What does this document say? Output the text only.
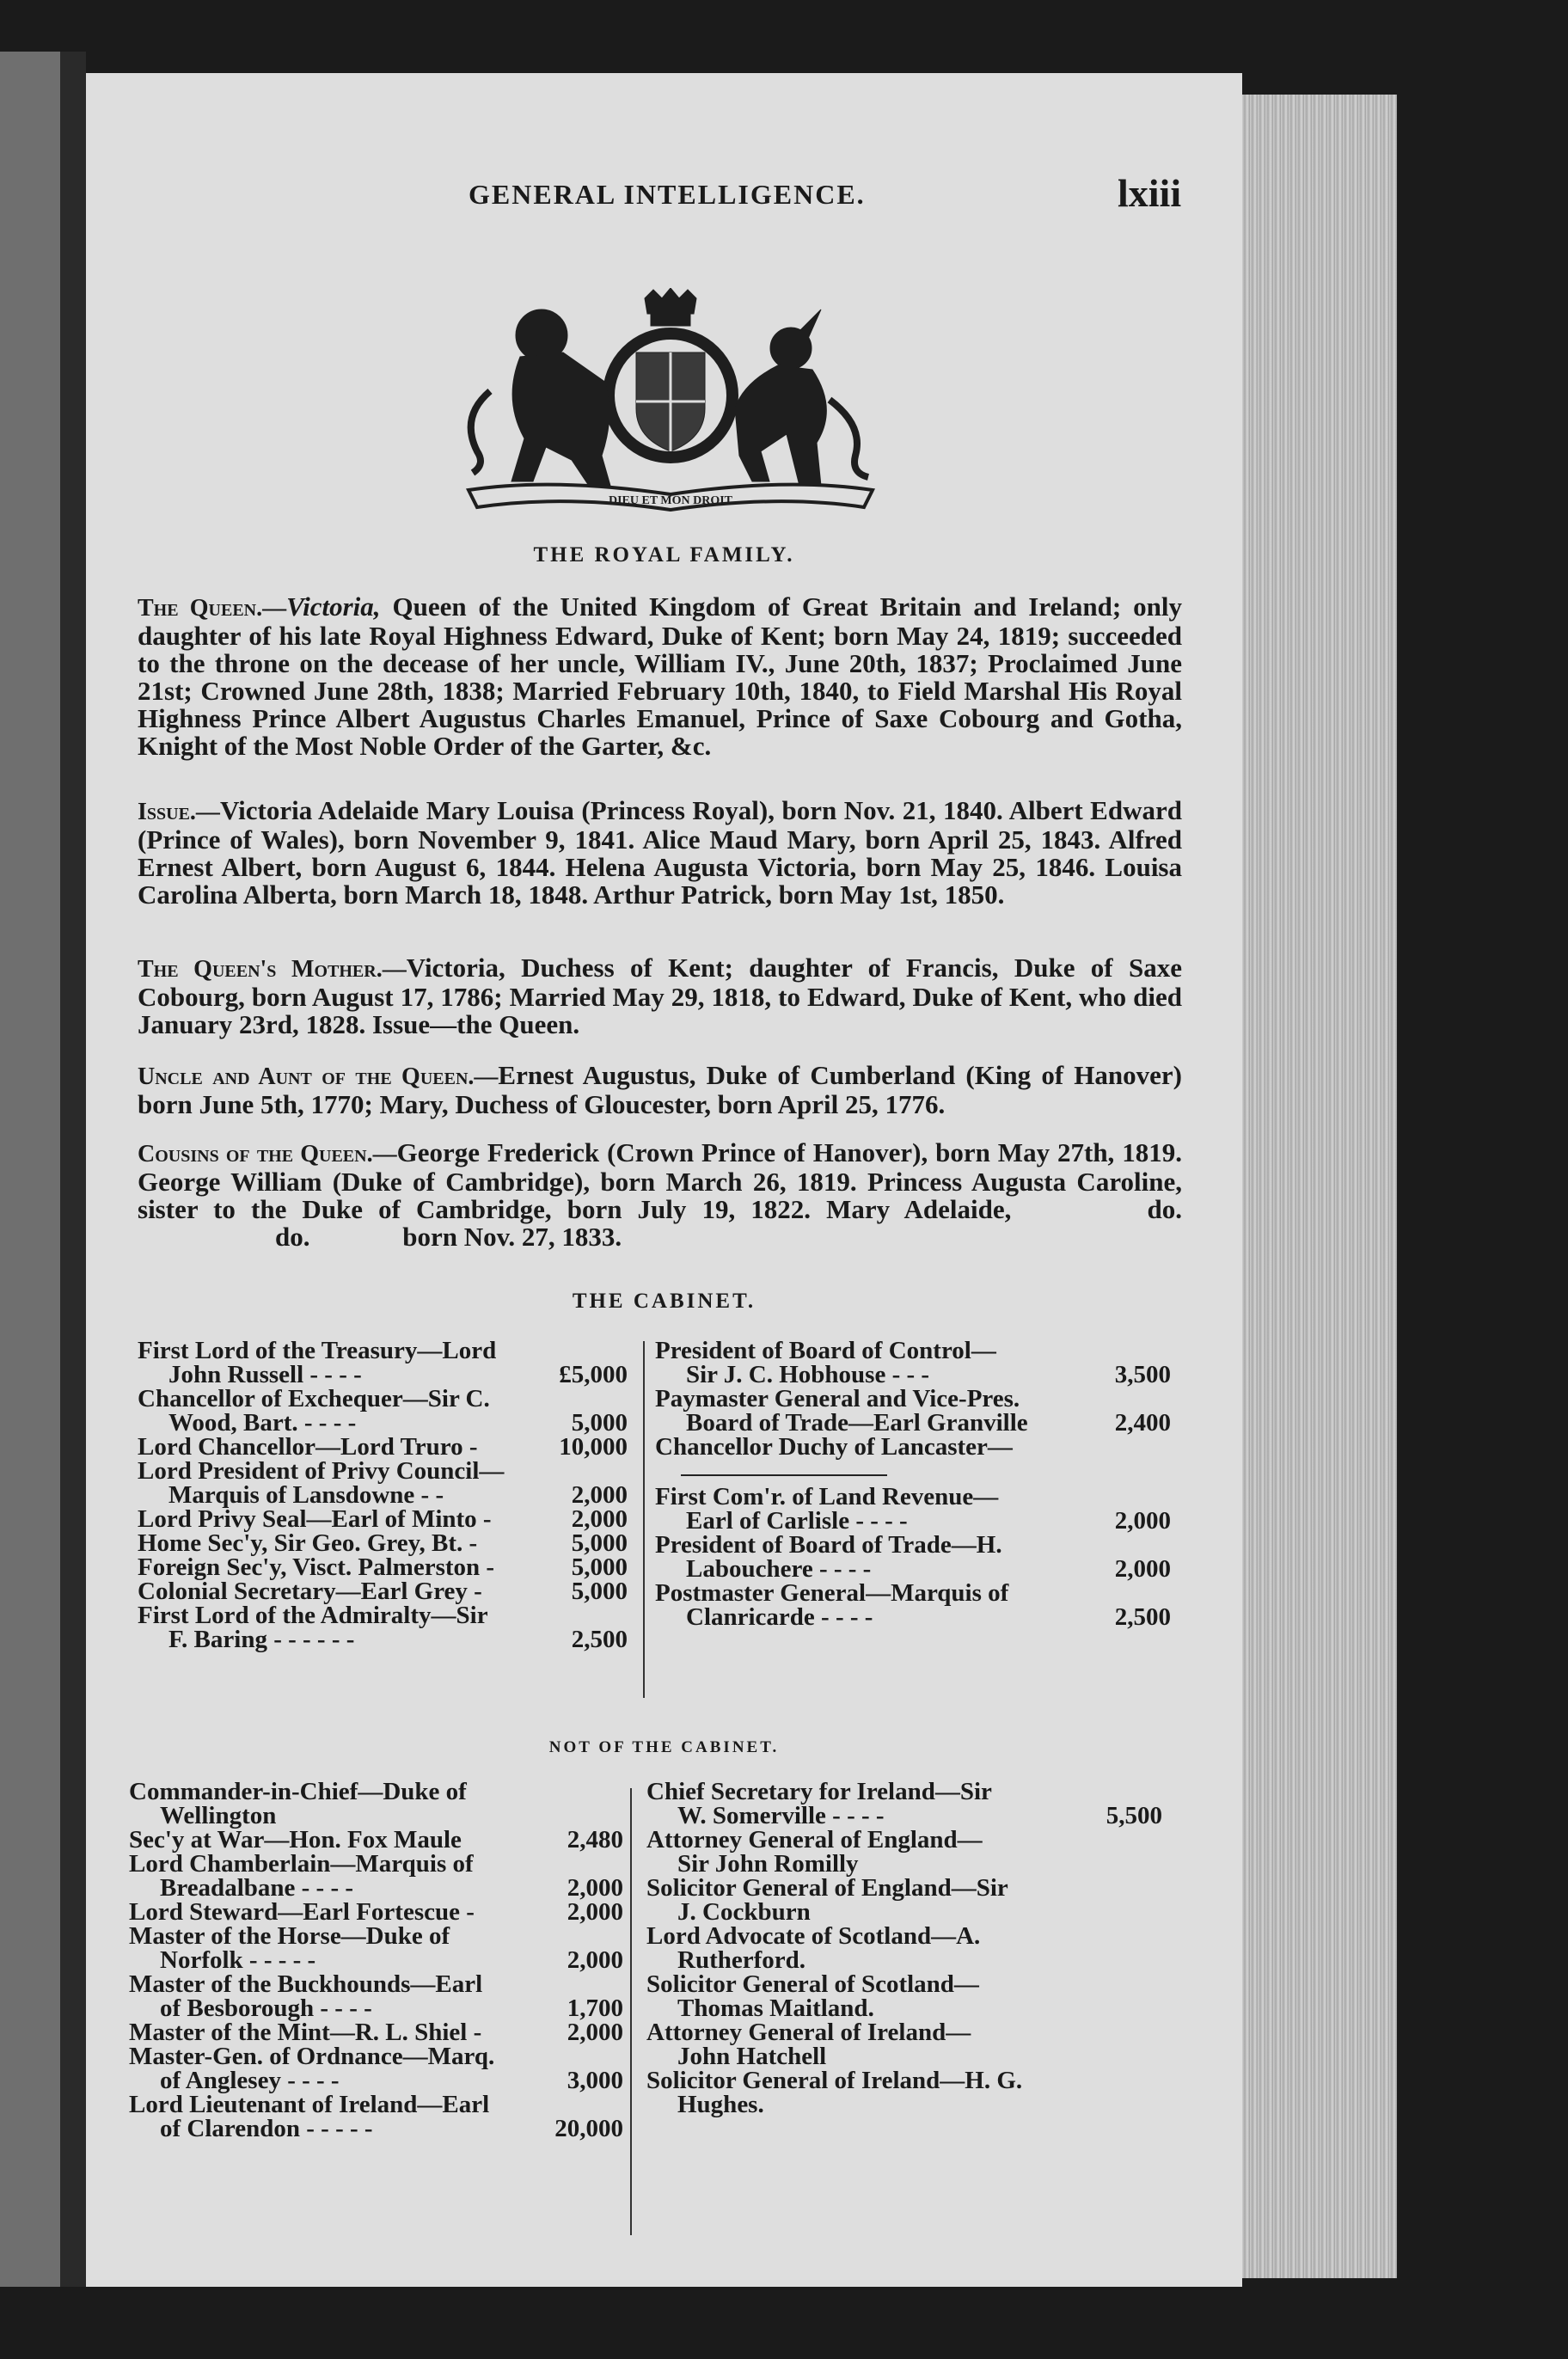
GENERAL INTELLIGENCE.	lxiii
DIEU ET MON DROIT
THE ROYAL FAMILY.
The Queen.—Victoria, Queen of the United Kingdom of Great Britain and Ireland; only daughter of his late Royal Highness Edward, Duke of Kent; born May 24, 1819; succeeded to the throne on the decease of her uncle, William IV., June 20th, 1837; Proclaimed June 21st; Crowned June 28th, 1838; Married February 10th, 1840, to Field Marshal His Royal Highness Prince Albert Augustus Charles Emanuel, Prince of Saxe Cobourg and Gotha, Knight of the Most Noble Order of the Garter, &c.
Issue.—Victoria Adelaide Mary Louisa (Princess Royal), born Nov. 21, 1840. Albert Edward (Prince of Wales), born November 9, 1841. Alice Maud Mary, born April 25, 1843. Alfred Ernest Albert, born August 6, 1844. Helena Augusta Victoria, born May 25, 1846. Louisa Carolina Alberta, born March 18, 1848. Arthur Patrick, born May 1st, 1850.
The Queen's Mother.—Victoria, Duchess of Kent; daughter of Francis, Duke of Saxe Cobourg, born August 17, 1786; Married May 29, 1818, to Edward, Duke of Kent, who died January 23rd, 1828. Issue—the Queen.
Uncle and Aunt of the Queen.—Ernest Augustus, Duke of Cumberland (King of Hanover) born June 5th, 1770; Mary, Duchess of Gloucester, born April 25, 1776.
Cousins of the Queen.—George Frederick (Crown Prince of Hanover), born May 27th, 1819. George William (Duke of Cambridge), born March 26, 1819. Princess Augusta Caroline, sister to the Duke of Cambridge, born July 19, 1822. Mary Adelaide,	do. do.	born Nov. 27, 1833.
THE CABINET.
First Lord of the Treasury—Lord
John Russell - - - -	£5,000
Chancellor of Exchequer—Sir C.
Wood, Bart. - - - -	5,000
Lord Chancellor—Lord Truro -	10,000
Lord President of Privy Council—
Marquis of Lansdowne - -	2,000
Lord Privy Seal—Earl of Minto -	2,000
Home Sec'y, Sir Geo. Grey, Bt. -	5,000
Foreign Sec'y, Visct. Palmerston -	5,000
Colonial Secretary—Earl Grey -	5,000
First Lord of the Admiralty—Sir
F. Baring - - - - - -	2,500
President of Board of Control—
Sir J. C. Hobhouse - - -	3,500
Paymaster General and Vice-Pres.
Board of Trade—Earl Granville	2,400
Chancellor Duchy of Lancaster—
First Com'r. of Land Revenue—
Earl of Carlisle - - - -	2,000
President of Board of Trade—H.
Labouchere - - - -	2,000
Postmaster General—Marquis of
Clanricarde - - - -	2,500
NOT OF THE CABINET.
Commander-in-Chief—Duke of
Wellington
Sec'y at War—Hon. Fox Maule	2,480
Lord Chamberlain—Marquis of
Breadalbane - - - -	2,000
Lord Steward—Earl Fortescue -	2,000
Master of the Horse—Duke of
Norfolk - - - - -	2,000
Master of the Buckhounds—Earl
of Besborough - - - -	1,700
Master of the Mint—R. L. Shiel -	2,000
Master-Gen. of Ordnance—Marq.
of Anglesey - - - -	3,000
Lord Lieutenant of Ireland—Earl
of Clarendon - - - - -	20,000
Chief Secretary for Ireland—Sir
W. Somerville - - - -	5,500
Attorney General of England—
Sir John Romilly
Solicitor General of England—Sir
J. Cockburn
Lord Advocate of Scotland—A.
Rutherford.
Solicitor General of Scotland—
Thomas Maitland.
Attorney General of Ireland—
John Hatchell
Solicitor General of Ireland—H. G.
Hughes.
